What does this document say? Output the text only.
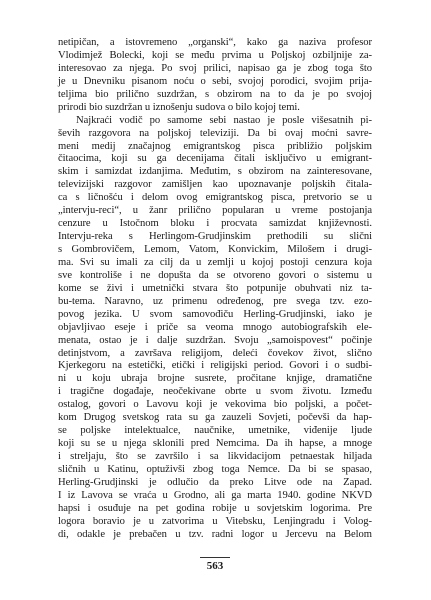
netipičan, a istovremeno „organski“, kako ga naziva profesor
Vlodimjež Bolecki, koji se među prvima u Poljskoj ozbiljnije za-
interesovao za njega. Po svoj prilici, napisao ga je zbog toga što
je u Dnevniku pisanom noću o sebi, svojoj porodici, svojim prija-
teljima bio prilično suzdržan, s obzirom na to da je po svojoj
prirodi bio suzdržan u iznošenju sudova o bilo kojoj temi.
Najkraći vodič po samome sebi nastao je posle višesatnih pi-
ševih razgovora na poljskoj televiziji. Da bi ovaj moćni savre-
meni medij značajnog emigrantskog pisca približio poljskim
čitaocima, koji su ga decenijama čitali isključivo u emigrant-
skim i samizdat izdanjima. Međutim, s obzirom na zainteresovane,
televizijski razgovor zamišljen kao upoznavanje poljskih čitala-
ca s ličnošću i delom ovog emigrantskog pisca, pretvorio se u
„intervju-reci“, u žanr prilično popularan u vreme postojanja
cenzure u Istočnom bloku i procvata samizdat književnosti.
Intervju-reka s Herlingom-Grudjinskim prethodili su slični
s Gombrovičem, Lemom, Vatom, Konvickim, Milošem i drugi-
ma. Svi su imali za cilj da u zemlji u kojoj postoji cenzura koja
sve kontroliše i ne dopušta da se otvoreno govori o sistemu u
kome se živi i umetnički stvara što potpunije obuhvati niz ta-
bu-tema. Naravno, uz primenu određenog, pre svega tzv. ezo-
povog jezika. U svom samovođiču Herling-Grudjinski, iako je
objavljivao eseje i priče sa veoma mnogo autobiografskih ele-
menata, ostao je i dalje suzdržan. Svoju „samoispovest“ počinje
detinjstvom, a završava religijom, deleći čovekov život, slično
Kjerkegoru na estetički, etički i religijski period. Govori i o sudbi-
ni u koju ubraja brojne susrete, pročitane knjige, dramatične
i tragične događaje, neočekivane obrte u svom životu. Između
ostalog, govori o Lavovu koji je vekovima bio poljski, a počet-
kom Drugog svetskog rata su ga zauzeli Sovjeti, počevši da hap-
se poljske intelektualce, naučnike, umetnike, viđenije ljude
koji su se u njega sklonili pred Nemcima. Da ih hapse, a mnoge
i streljaju, što se završilo i sa likvidacijom petnaestak hiljada
sličnih u Katinu, optuživši zbog toga Nemce. Da bi se spasao,
Herling-Grudjinski je odlučio da preko Litve ode na Zapad.
I iz Lavova se vraća u Grodno, ali ga marta 1940. godine NKVD
hapsi i osuđuje na pet godina robije u sovjetskim logorima. Pre
logora boravio je u zatvorima u Vitebsku, Lenjingradu i Volog-
di, odakle je prebačen u tzv. radni logor u Jercevu na Belom
563
